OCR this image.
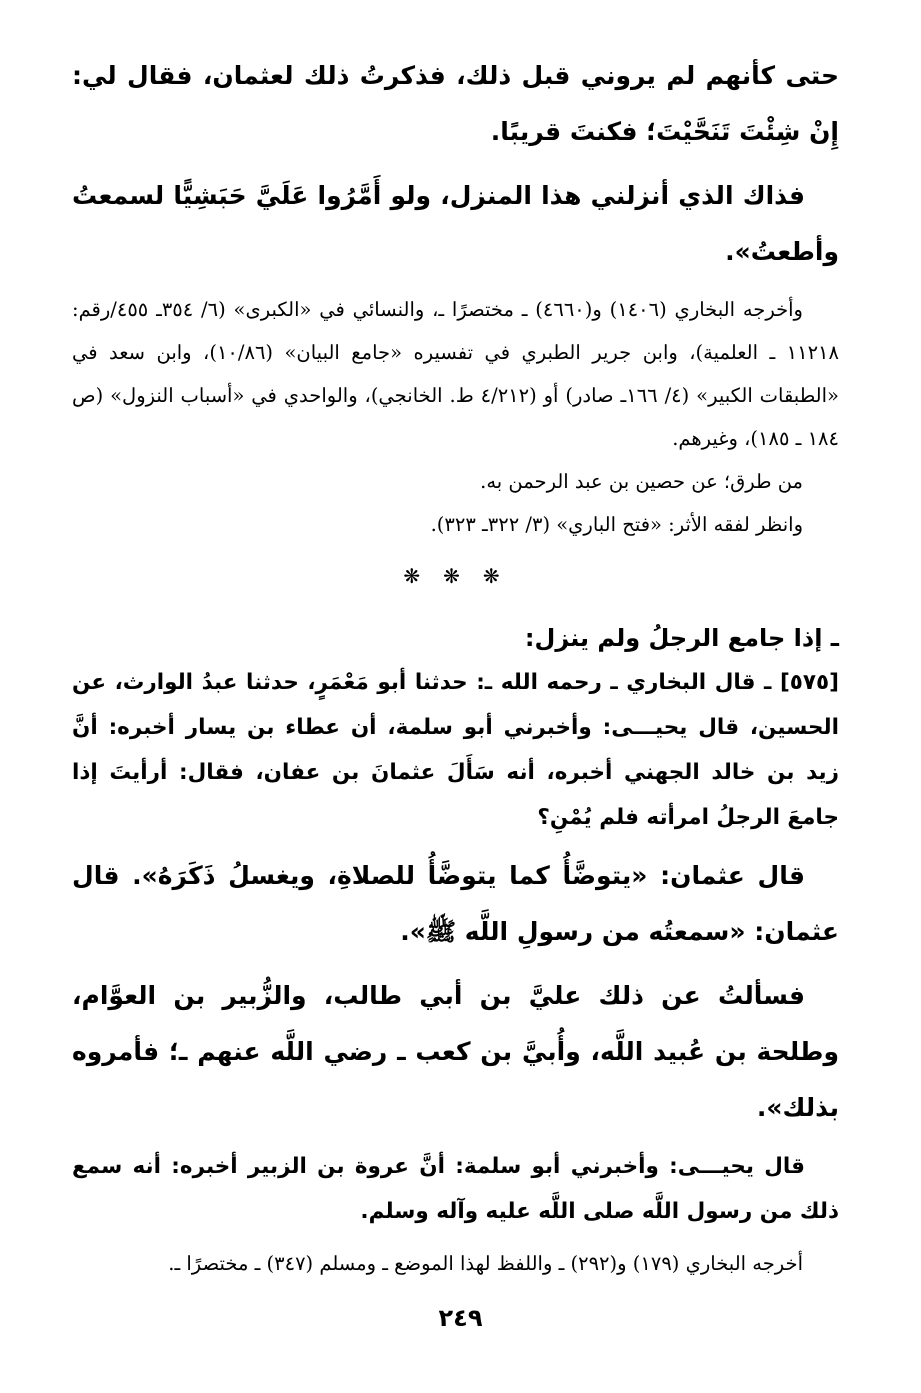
حتى كأنهم لم يروني قبل ذلك، فذكرتُ ذلك لعثمان، فقال لي: إِنْ شِئْتَ تَنَحَّيْتَ؛ فكنتَ قريبًا.

فذاك الذي أنزلني هذا المنزل، ولو أَمَّرُوا عَلَيَّ حَبَشِيًّا لسمعتُ وأطعتُ».

وأخرجه البخاري (١٤٠٦) و(٤٦٦٠) ـ مختصرًا ـ، والنسائي في «الكبرى» (٦/ ٣٥٤ـ ٤٥٥/رقم: ١١٢١٨ ـ العلمية)، وابن جرير الطبري في تفسيره «جامع البيان» (١٠/٨٦)، وابن سعد في «الطبقات الكبير» (٤/ ١٦٦ـ صادر) أو (٤/٢١٢ ط. الخانجي)، والواحدي في «أسباب النزول» (ص ١٨٤ ـ ١٨٥)، وغيرهم.

من طرق؛ عن حصين بن عبد الرحمن به.

وانظر لفقه الأثر: «فتح الباري» (٣/ ٣٢٢ـ ٣٢٣).

❋ ❋ ❋

ـ إذا جامع الرجلُ ولم ينزل:

[٥٧٥] ـ قال البخاري ـ رحمه الله ـ: حدثنا أبو مَعْمَرٍ، حدثنا عبدُ الوارث، عن الحسين، قال يحيـــى: وأخبرني أبو سلمة، أن عطاء بن يسار أخبره: أنَّ زيد بن خالد الجهني أخبره، أنه سَأَلَ عثمانَ بن عفان، فقال: أرأيتَ إذا جامعَ الرجلُ امرأته فلم يُمْنِ؟

قال عثمان: «يتوضَّأُ كما يتوضَّأُ للصلاةِ، ويغسلُ ذَكَرَهُ». قال عثمان: «سمعتُه من رسولِ اللَّه ﷺ».

فسألتُ عن ذلك عليَّ بن أبي طالب، والزُّبير بن العوَّام، وطلحة بن عُبيد اللَّه، وأُبيَّ بن كعب ـ رضي اللَّه عنهم ـ؛ فأمروه بذلك».

قال يحيـــى: وأخبرني أبو سلمة: أنَّ عروة بن الزبير أخبره: أنه سمع ذلك من رسول اللَّه صلى اللَّه عليه وآله وسلم.

أخرجه البخاري (١٧٩) و(٢٩٢) ـ واللفظ لهذا الموضع ـ ومسلم (٣٤٧) ـ مختصرًا ـ.

٢٤٩
